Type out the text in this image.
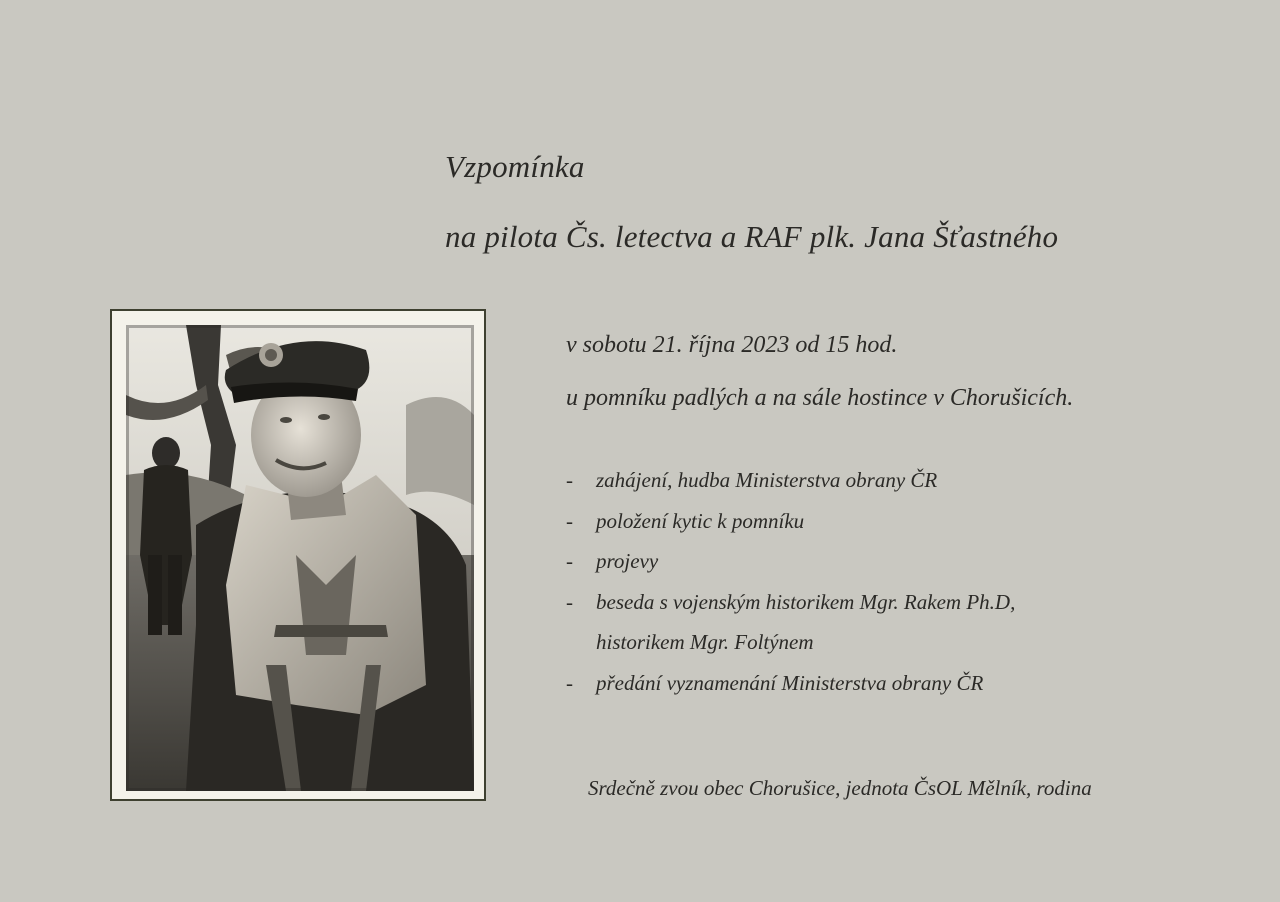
Vzpomínka
na pilota Čs. letectva a RAF plk. Jana Šťastného
v sobotu 21. října 2023 od 15 hod.
u pomníku padlých a na sále hostince v Chorušicích.
- zahájení, hudba Ministerstva obrany ČR
- položení kytic k pomníku
- projevy
- beseda s vojenským historikem Mgr. Rakem Ph.D,
historikem Mgr. Foltýnem
- předání vyznamenání Ministerstva obrany ČR
Srdečně zvou obec Chorušice, jednota ČsOL Mělník, rodina
